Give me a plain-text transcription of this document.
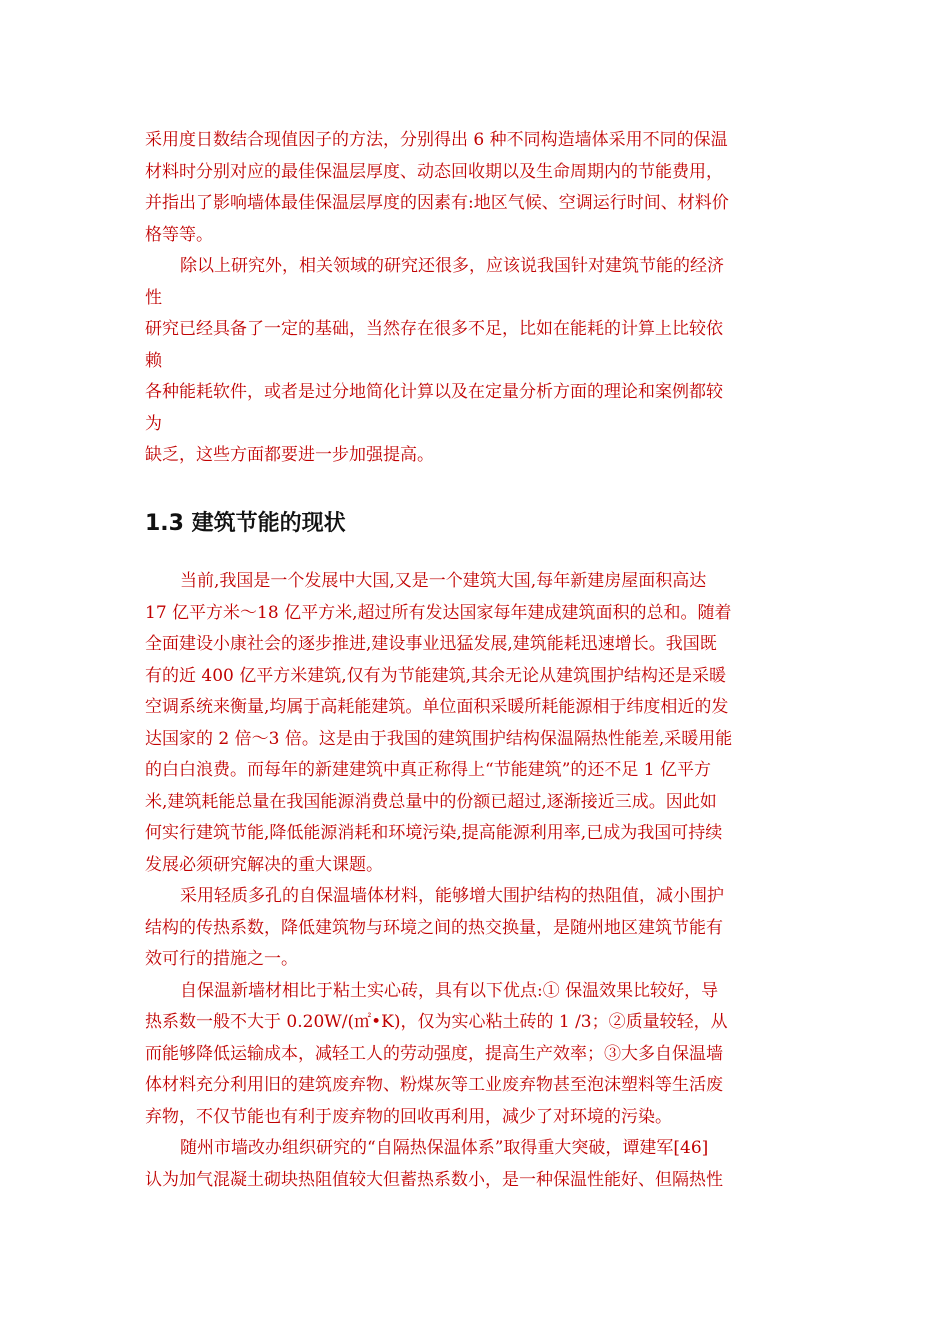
采用度日数结合现值因子的方法，分别得出 6 种不同构造墙体采用不同的保温
材料时分别对应的最佳保温层厚度、动态回收期以及生命周期内的节能费用，
并指出了影响墙体最佳保温层厚度的因素有:地区气候、空调运行时间、材料价
格等等。
除以上研究外，相关领域的研究还很多，应该说我国针对建筑节能的经济
性
研究已经具备了一定的基础，当然存在很多不足，比如在能耗的计算上比较依
赖
各种能耗软件，或者是过分地简化计算以及在定量分析方面的理论和案例都较
为
缺乏，这些方面都要进一步加强提高。
1.3 建筑节能的现状
当前,我国是一个发展中大国,又是一个建筑大国,每年新建房屋面积高达
17 亿平方米～18 亿平方米,超过所有发达国家每年建成建筑面积的总和。随着
全面建设小康社会的逐步推进,建设事业迅猛发展,建筑能耗迅速增长。我国既
有的近 400 亿平方米建筑,仅有为节能建筑,其余无论从建筑围护结构还是采暖
空调系统来衡量,均属于高耗能建筑。单位面积采暖所耗能源相于纬度相近的发
达国家的 2 倍～3 倍。这是由于我国的建筑围护结构保温隔热性能差,采暖用能
的白白浪费。而每年的新建建筑中真正称得上“节能建筑”的还不足 1 亿平方
米,建筑耗能总量在我国能源消费总量中的份额已超过,逐渐接近三成。因此如
何实行建筑节能,降低能源消耗和环境污染,提高能源利用率,已成为我国可持续
发展必须研究解决的重大课题。
采用轻质多孔的自保温墙体材料，能够增大围护结构的热阻值，减小围护
结构的传热系数，降低建筑物与环境之间的热交换量，是随州地区建筑节能有
效可行的措施之一。
自保温新墙材相比于粘土实心砖，具有以下优点:① 保温效果比较好，导
热系数一般不大于 0.20W/(㎡•K)，仅为实心粘土砖的 1 /3；②质量较轻，从
而能够降低运输成本，减轻工人的劳动强度，提高生产效率；③大多自保温墙
体材料充分利用旧的建筑废弃物、粉煤灰等工业废弃物甚至泡沫塑料等生活废
弃物，不仅节能也有利于废弃物的回收再利用，减少了对环境的污染。
随州市墙改办组织研究的“自隔热保温体系”取得重大突破，谭建军[46]
认为加气混凝土砌块热阻值较大但蓄热系数小，是一种保温性能好、但隔热性
